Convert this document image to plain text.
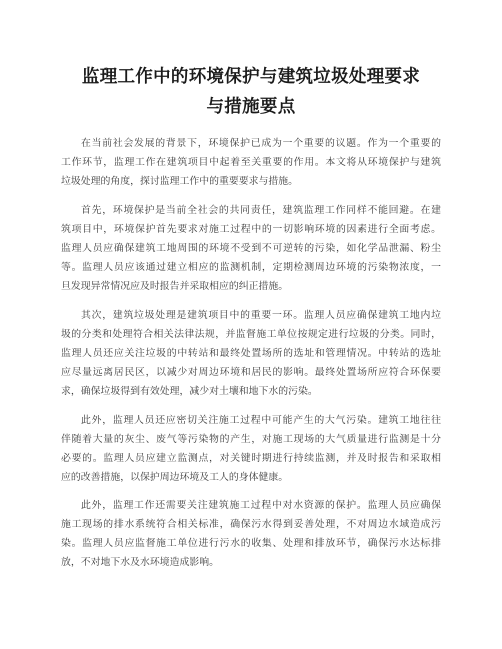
监理工作中的环境保护与建筑垃圾处理要求
与措施要点
在当前社会发展的背景下，环境保护已成为一个重要的议题。作为一个重要的
工作环节，监理工作在建筑项目中起着至关重要的作用。本文将从环境保护与建筑
垃圾处理的角度，探讨监理工作中的重要要求与措施。
首先，环境保护是当前全社会的共同责任，建筑监理工作同样不能回避。在建
筑项目中，环境保护首先要求对施工过程中的一切影响环境的因素进行全面考虑。
监理人员应确保建筑工地周围的环境不受到不可逆转的污染，如化学品泄漏、粉尘
等。监理人员应该通过建立相应的监测机制，定期检测周边环境的污染物浓度，一
旦发现异常情况应及时报告并采取相应的纠正措施。
其次，建筑垃圾处理是建筑项目中的重要一环。监理人员应确保建筑工地内垃
圾的分类和处理符合相关法律法规，并监督施工单位按规定进行垃圾的分类。同时，
监理人员还应关注垃圾的中转站和最终处置场所的选址和管理情况。中转站的选址
应尽量远离居民区，以减少对周边环境和居民的影响。最终处置场所应符合环保要
求，确保垃圾得到有效处理，减少对土壤和地下水的污染。
此外，监理人员还应密切关注施工过程中可能产生的大气污染。建筑工地往往
伴随着大量的灰尘、废气等污染物的产生，对施工现场的大气质量进行监测是十分
必要的。监理人员应建立监测点，对关键时期进行持续监测，并及时报告和采取相
应的改善措施，以保护周边环境及工人的身体健康。
此外，监理工作还需要关注建筑施工过程中对水资源的保护。监理人员应确保
施工现场的排水系统符合相关标准，确保污水得到妥善处理，不对周边水域造成污
染。监理人员应监督施工单位进行污水的收集、处理和排放环节，确保污水达标排
放，不对地下水及水环境造成影响。
